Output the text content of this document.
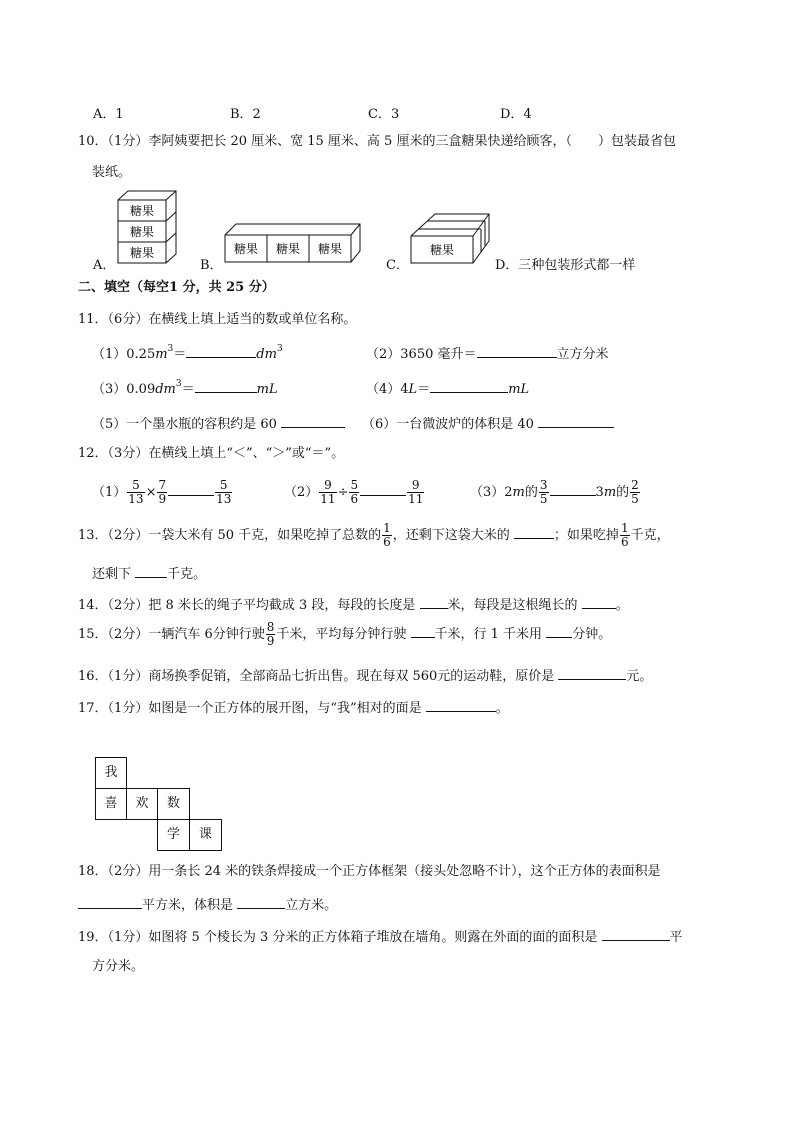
A．1	B．2	C．3	D．4
10．（1分）李阿姨要把长 20 厘米、宽 15 厘米、高 5 厘米的三盒糖果快递给顾客，（　　）包装最省包
装纸。
A．
糖果
糖果
糖果
B．
糖果 糖果 糖果
C．
糖果
D．三种包装形式都一样
二、填空（每空1 分，共 25 分）
11．（6分）在横线上填上适当的数或单位名称。
$(1)0.25m^3=$	$dm^3$	（2）3650 毫升＝	立方分米
$(3)0.09dm^3=$	mL	（4）4L＝	mL
（5）一个墨水瓶的容积约是 60	（6）一台微波炉的体积是 40
12．（3分）在横线上填上“＜”、“＞”或“＝”。
$(1) \frac{5}{13} \times \frac{7}{9}$	$\frac{5}{13}$	$(2) \frac{9}{11} \div \frac{5}{6}$	$\frac{9}{11}$	（3）2m的 $\frac{3}{5}$	3m的 $\frac{2}{5}$
13．（2分）一袋大米有 50 千克，如果吃掉了总数的 $\frac{1}{6}$ ，还剩下这袋大米的	；如果吃掉 $\frac{1}{6}$ 千克，
还剩下	千克。
14．（2分）把 8 米长的绳子平均截成 3 段，每段的长度是 米，每段是这根绳长的	。
15．（2分）一辆汽车 6分钟行驶 $\frac{8}{9}$ 千米，平均每分钟行驶 千米，行 1 千米用 分钟。
16．（1分）商场换季促销，全部商品七折出售。现在每双 560元的运动鞋，原价是	元。
17．（1分）如图是一个正方体的展开图，与“我”相对的面是	。
我
喜	欢	数
学	课
18．（2分）用一条长 24 米的铁条焊接成一个正方体框架（接头处忽略不计），这个正方体的表面积是
平方米，体积是	立方米。
19．（1分）如图将 5 个棱长为 3 分米的正方体箱子堆放在墙角。则露在外面的面的面积是	平
方分米。
